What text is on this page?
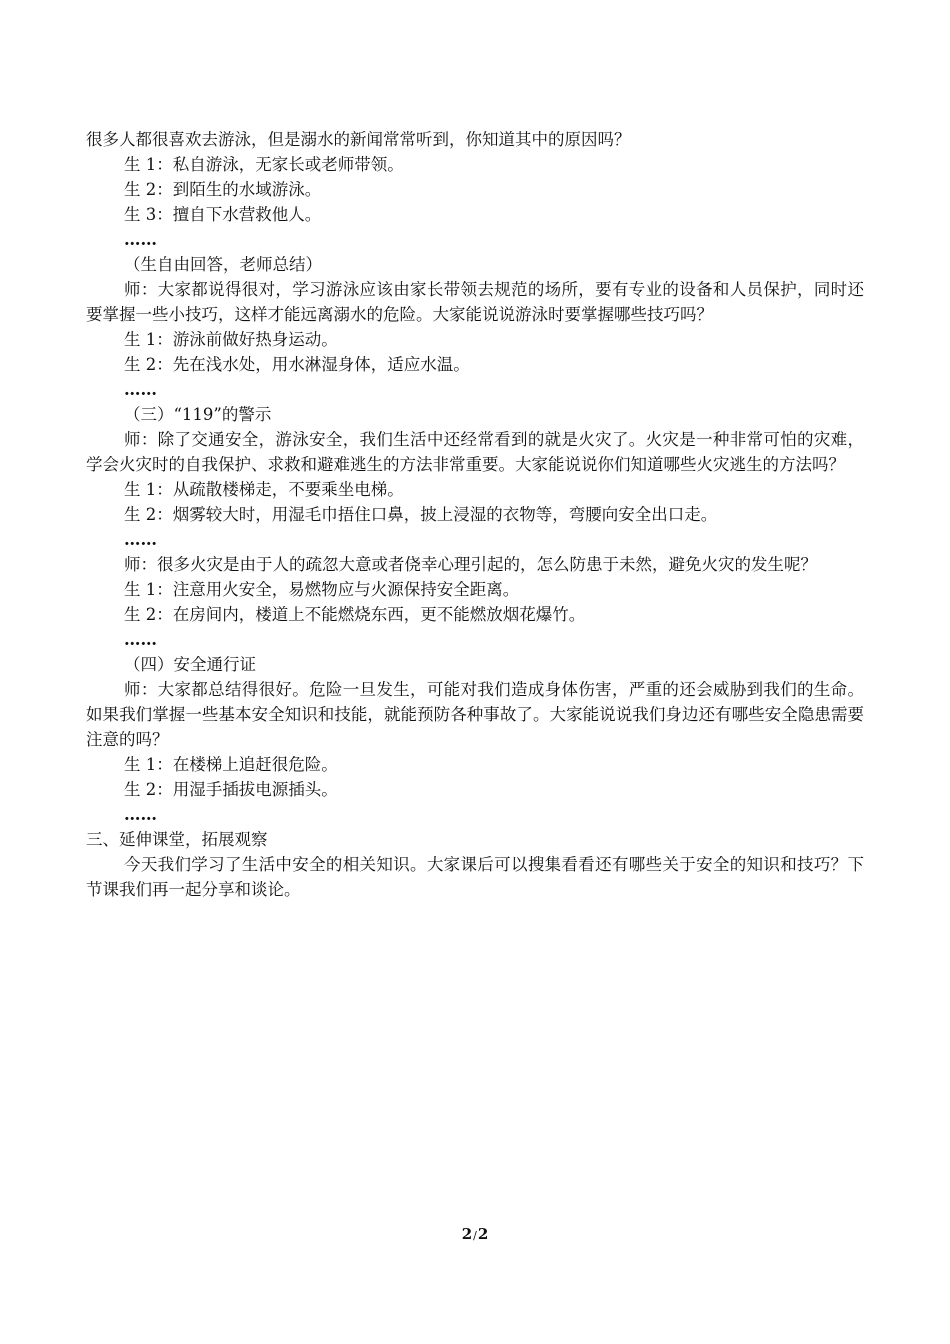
很多人都很喜欢去游泳，但是溺水的新闻常常听到，你知道其中的原因吗？

生 1：私自游泳，无家长或老师带领。

生 2：到陌生的水域游泳。

生 3：擅自下水营救他人。

……

（生自由回答，老师总结）

师：大家都说得很对，学习游泳应该由家长带领去规范的场所，要有专业的设备和人员保护，同时还要掌握一些小技巧，这样才能远离溺水的危险。大家能说说游泳时要掌握哪些技巧吗？

生 1：游泳前做好热身运动。

生 2：先在浅水处，用水淋湿身体，适应水温。

……

（三）“119”的警示

师：除了交通安全，游泳安全，我们生活中还经常看到的就是火灾了。火灾是一种非常可怕的灾难，学会火灾时的自我保护、求救和避难逃生的方法非常重要。大家能说说你们知道哪些火灾逃生的方法吗？

生 1：从疏散楼梯走，不要乘坐电梯。

生 2：烟雾较大时，用湿毛巾捂住口鼻，披上浸湿的衣物等，弯腰向安全出口走。

……

师：很多火灾是由于人的疏忽大意或者侥幸心理引起的，怎么防患于未然，避免火灾的发生呢？

生 1：注意用火安全，易燃物应与火源保持安全距离。

生 2：在房间内，楼道上不能燃烧东西，更不能燃放烟花爆竹。

……

（四）安全通行证

师：大家都总结得很好。危险一旦发生，可能对我们造成身体伤害，严重的还会威胁到我们的生命。如果我们掌握一些基本安全知识和技能，就能预防各种事故了。大家能说说我们身边还有哪些安全隐患需要注意的吗？

生 1：在楼梯上追赶很危险。

生 2：用湿手插拔电源插头。

……

三、延伸课堂，拓展观察

今天我们学习了生活中安全的相关知识。大家课后可以搜集看看还有哪些关于安全的知识和技巧？下节课我们再一起分享和谈论。

2/2
